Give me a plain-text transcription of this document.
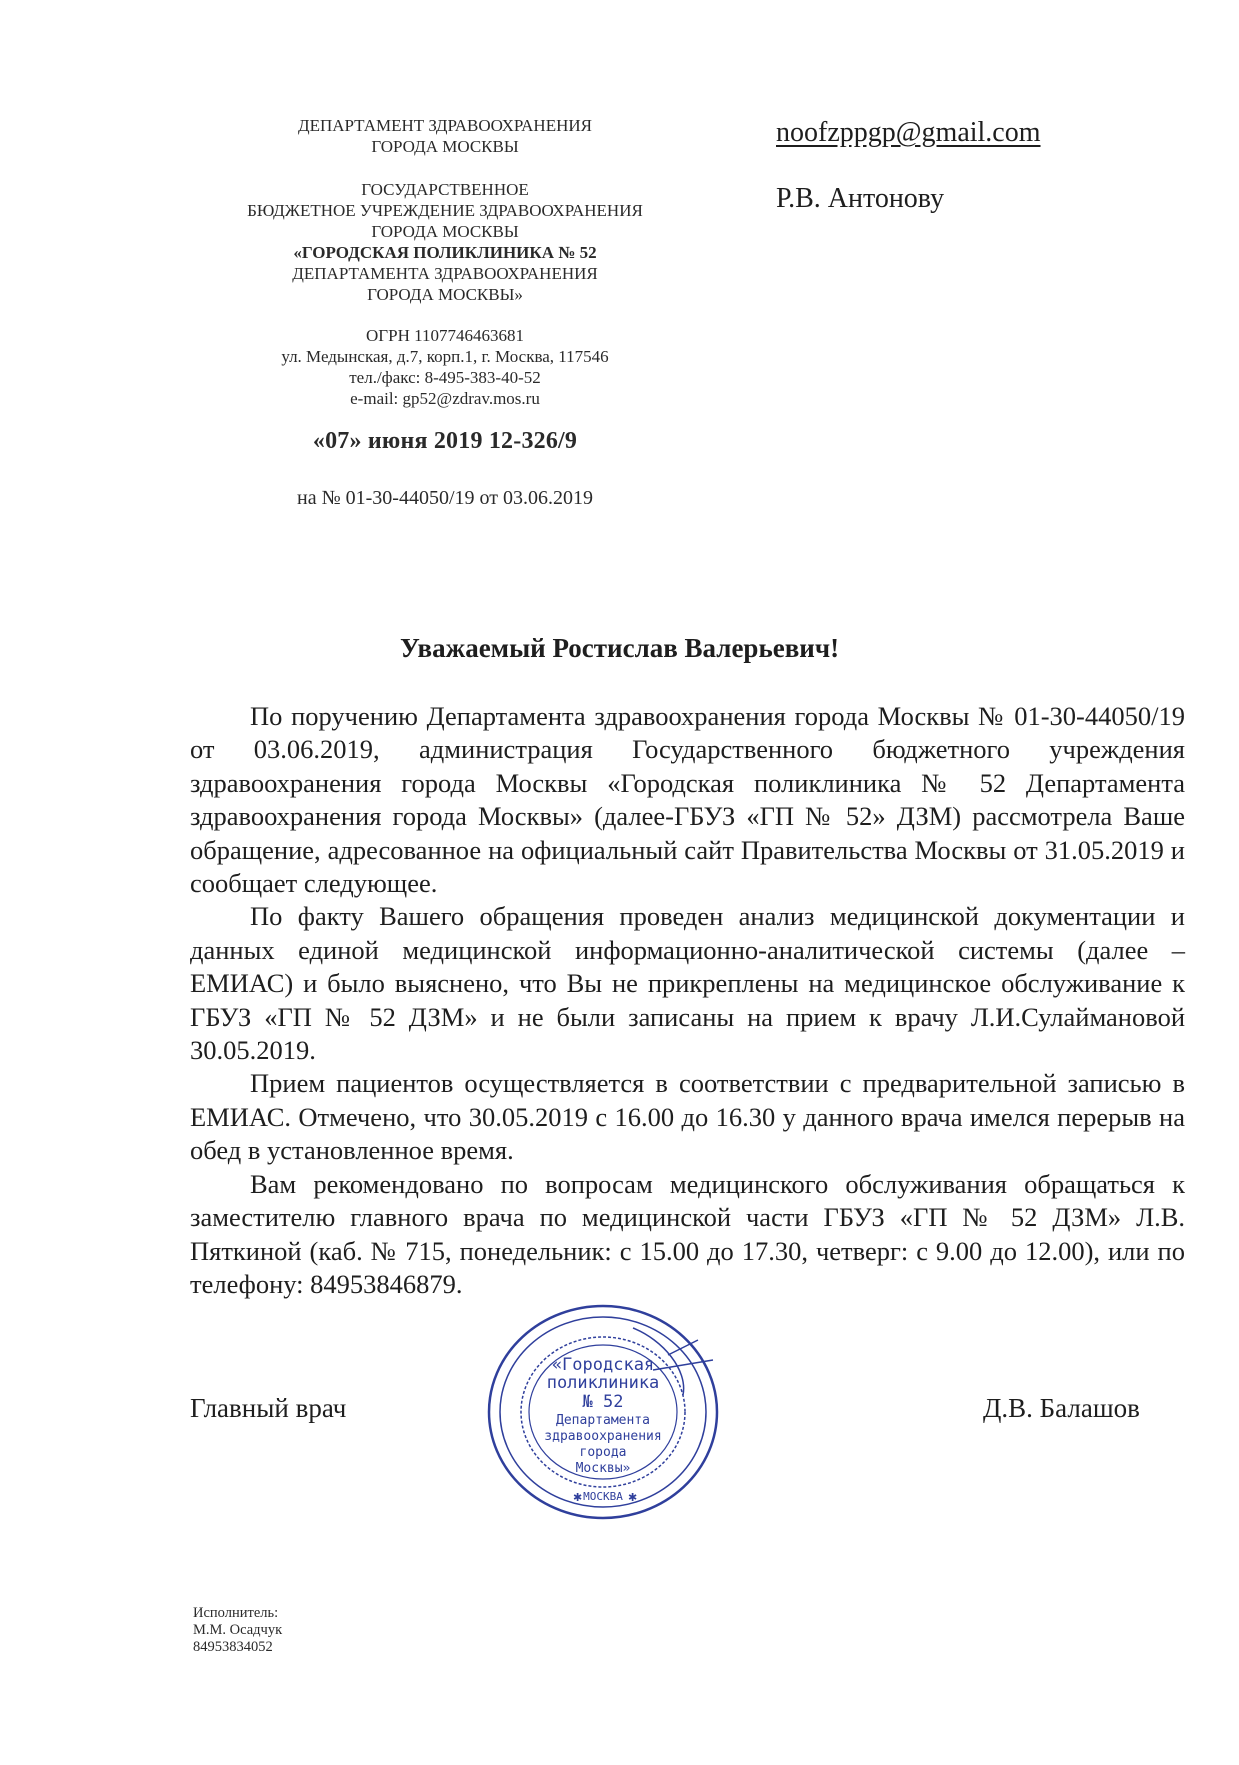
ДЕПАРТАМЕНТ ЗДРАВООХРАНЕНИЯ
ГОРОДА МОСКВЫ
ГОСУДАРСТВЕННОЕ
БЮДЖЕТНОЕ УЧРЕЖДЕНИЕ ЗДРАВООХРАНЕНИЯ
ГОРОДА МОСКВЫ
«ГОРОДСКАЯ ПОЛИКЛИНИКА № 52
ДЕПАРТАМЕНТА ЗДРАВООХРАНЕНИЯ
ГОРОДА МОСКВЫ»
ОГРН 1107746463681
ул. Медынская, д.7, корп.1, г. Москва, 117546
тел./факс: 8-495-383-40-52
e-mail: gp52@zdrav.mos.ru
«07» июня 2019 12-326/9
на № 01-30-44050/19 от 03.06.2019
noofzppgp@gmail.com
Р.В. Антонову
Уважаемый Ростислав Валерьевич!

По поручению Департамента здравоохранения города Москвы № 01-30-44050/19 от 03.06.2019, администрация Государственного бюджетного учреждения здравоохранения города Москвы «Городская поликлиника № 52 Департамента здравоохранения города Москвы» (далее-ГБУЗ «ГП № 52» ДЗМ) рассмотрела Ваше обращение, адресованное на официальный сайт Правительства Москвы от 31.05.2019 и сообщает следующее.

По факту Вашего обращения проведен анализ медицинской документации и данных единой медицинской информационно-аналитической системы (далее – ЕМИАС) и было выяснено, что Вы не прикреплены на медицинское обслуживание к ГБУЗ «ГП № 52 ДЗМ» и не были записаны на прием к врачу Л.И.Сулаймановой 30.05.2019.

Прием пациентов осуществляется в соответствии с предварительной записью в ЕМИАС. Отмечено, что 30.05.2019 с 16.00 до 16.30 у данного врача имелся перерыв на обед в установленное время.

Вам рекомендовано по вопросам медицинского обслуживания обращаться к заместителю главного врача по медицинской части ГБУЗ «ГП № 52 ДЗМ» Л.В. Пяткиной (каб. № 715, понедельник: с 15.00 до 17.30, четверг: с 9.00 до 12.00), или по телефону: 84953846879.

Главный врач
«Городская
поликлиника
№ 52
Департамента
здравоохранения
города
Москвы»
МОСКВА
✱	✱
Д.В. Балашов
Исполнитель:
М.М. Осадчук
84953834052
